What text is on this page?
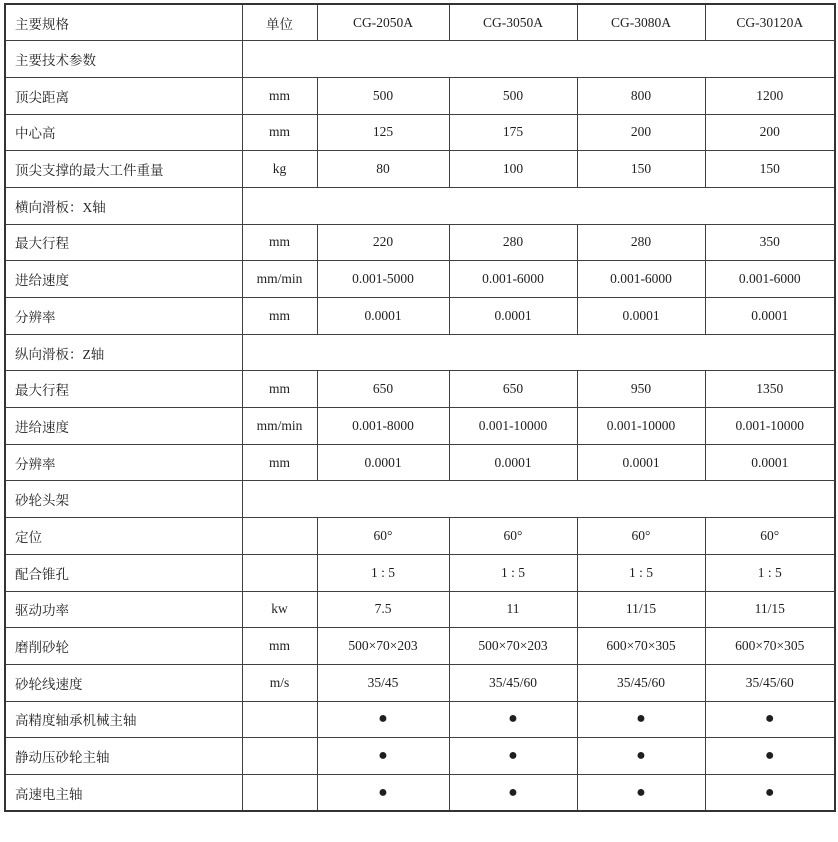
主要规格	单位	CG-2050A	CG-3050A	CG-3080A	CG-30120A
主要技术参数					
顶尖距离	mm	500	500	800	1200
中心高	mm	125	175	200	200
顶尖支撑的最大工件重量	kg	80	100	150	150
横向滑板：X轴					
最大行程	mm	220	280	280	350
进给速度	mm/min	0.001-5000	0.001-6000	0.001-6000	0.001-6000
分辨率	mm	0.0001	0.0001	0.0001	0.0001
纵向滑板：Z轴					
最大行程	mm	650	650	950	1350
进给速度	mm/min	0.001-8000	0.001-10000	0.001-10000	0.001-10000
分辨率	mm	0.0001	0.0001	0.0001	0.0001
砂轮头架					
定位		60°	60°	60°	60°
配合锥孔		1 : 5	1 : 5	1 : 5	1 : 5
驱动功率	kw	7.5	11	11/15	11/15
磨削砂轮	mm	500×70×203	500×70×203	600×70×305	600×70×305
砂轮线速度	m/s	35/45	35/45/60	35/45/60	35/45/60
高精度轴承机械主轴		●	●	●	●
静动压砂轮主轴		●	●	●	●
高速电主轴		●	●	●	●
